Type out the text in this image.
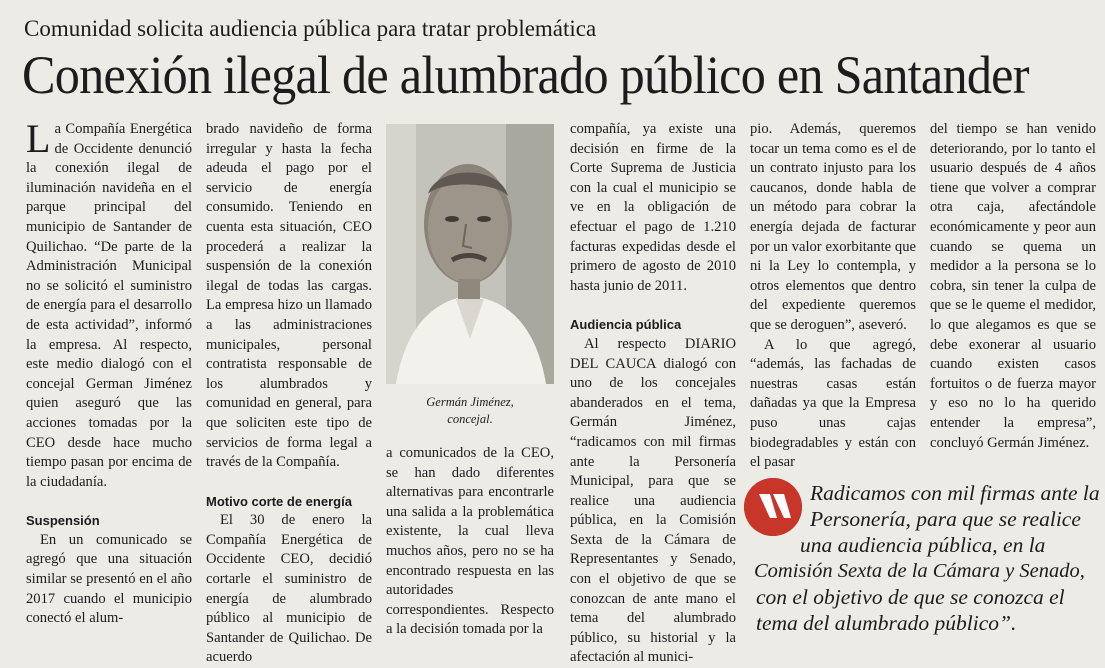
Comunidad solicita audiencia pública para tratar problemática
Conexión ilegal de alumbrado público en Santander

La Compañía Energética de Occidente denunció la conexión ilegal de iluminación navideña en el parque principal del municipio de Santander de Quilichao. “De parte de la Administración Municipal no se solicitó el suministro de energía para el desarrollo de esta actividad”, informó la empresa. Al respecto, este medio dialogó con el concejal German Jiménez quien aseguró que las acciones tomadas por la CEO desde hace mucho tiempo pasan por encima de la ciudadanía.

Suspensión

En un comunicado se agregó que una situación similar se presentó en el año 2017 cuando el municipio conectó el alum-

brado navideño de forma irregular y hasta la fecha adeuda el pago por el servicio de energía consumido. Teniendo en cuenta esta situación, CEO procederá a realizar la suspensión de la conexión ilegal de todas las cargas. La empresa hizo un llamado a las administraciones municipales, personal contratista responsable de los alumbrados y comunidad en general, para que soliciten este tipo de servicios de forma legal a través de la Compañía.

Motivo corte de energía

El 30 de enero la Compañía Energética de Occidente CEO, decidió cortarle el suministro de energía de alumbrado público al municipio de Santander de Quilichao. De acuerdo

Germán Jiménez,
concejal.

a comunicados de la CEO, se han dado diferentes alternativas para encontrarle una salida a la problemática existente, la cual lleva muchos años, pero no se ha encontrado respuesta en las autoridades correspondientes. Respecto a la decisión tomada por la

compañía, ya existe una decisión en firme de la Corte Suprema de Justicia con la cual el municipio se ve en la obligación de efectuar el pago de 1.210 facturas expedidas desde el primero de agosto de 2010 hasta junio de 2011.

Audiencia pública

Al respecto DIARIO DEL CAUCA dialogó con uno de los concejales abanderados en el tema, Germán Jiménez, “radicamos con mil firmas ante la Personería Municipal, para que se realice una audiencia pública, en la Comisión Sexta de la Cámara de Representantes y Senado, con el objetivo de que se conozcan de ante mano el tema del alumbrado público, su historial y la afectación al munici-

pio. Además, queremos tocar un tema como es el de un contrato injusto para los caucanos, donde habla de un método para cobrar la energía dejada de facturar por un valor exorbitante que ni la Ley lo contempla, y otros elementos que dentro del expediente queremos que se deroguen”, aseveró.

A lo que agregó, “además, las fachadas de nuestras casas están dañadas ya que la Empresa puso unas cajas biodegradables y están con el pasar

del tiempo se han venido deteriorando, por lo tanto el usuario después de 4 años tiene que volver a comprar otra caja, afectándole económicamente y peor aun cuando se quema un medidor a la persona se lo cobra, sin tener la culpa de que se le queme el medidor, lo que alegamos es que se debe exonerar al usuario cuando existen casos fortuitos o de fuerza mayor y eso no lo ha querido entender la empresa”, concluyó Germán Jiménez.

Radicamos con mil firmas ante la
Personería, para que se realice
una audiencia pública, en la
Comisión Sexta de la Cámara y Senado,
con el objetivo de que se conozca el
tema del alumbrado público”.
